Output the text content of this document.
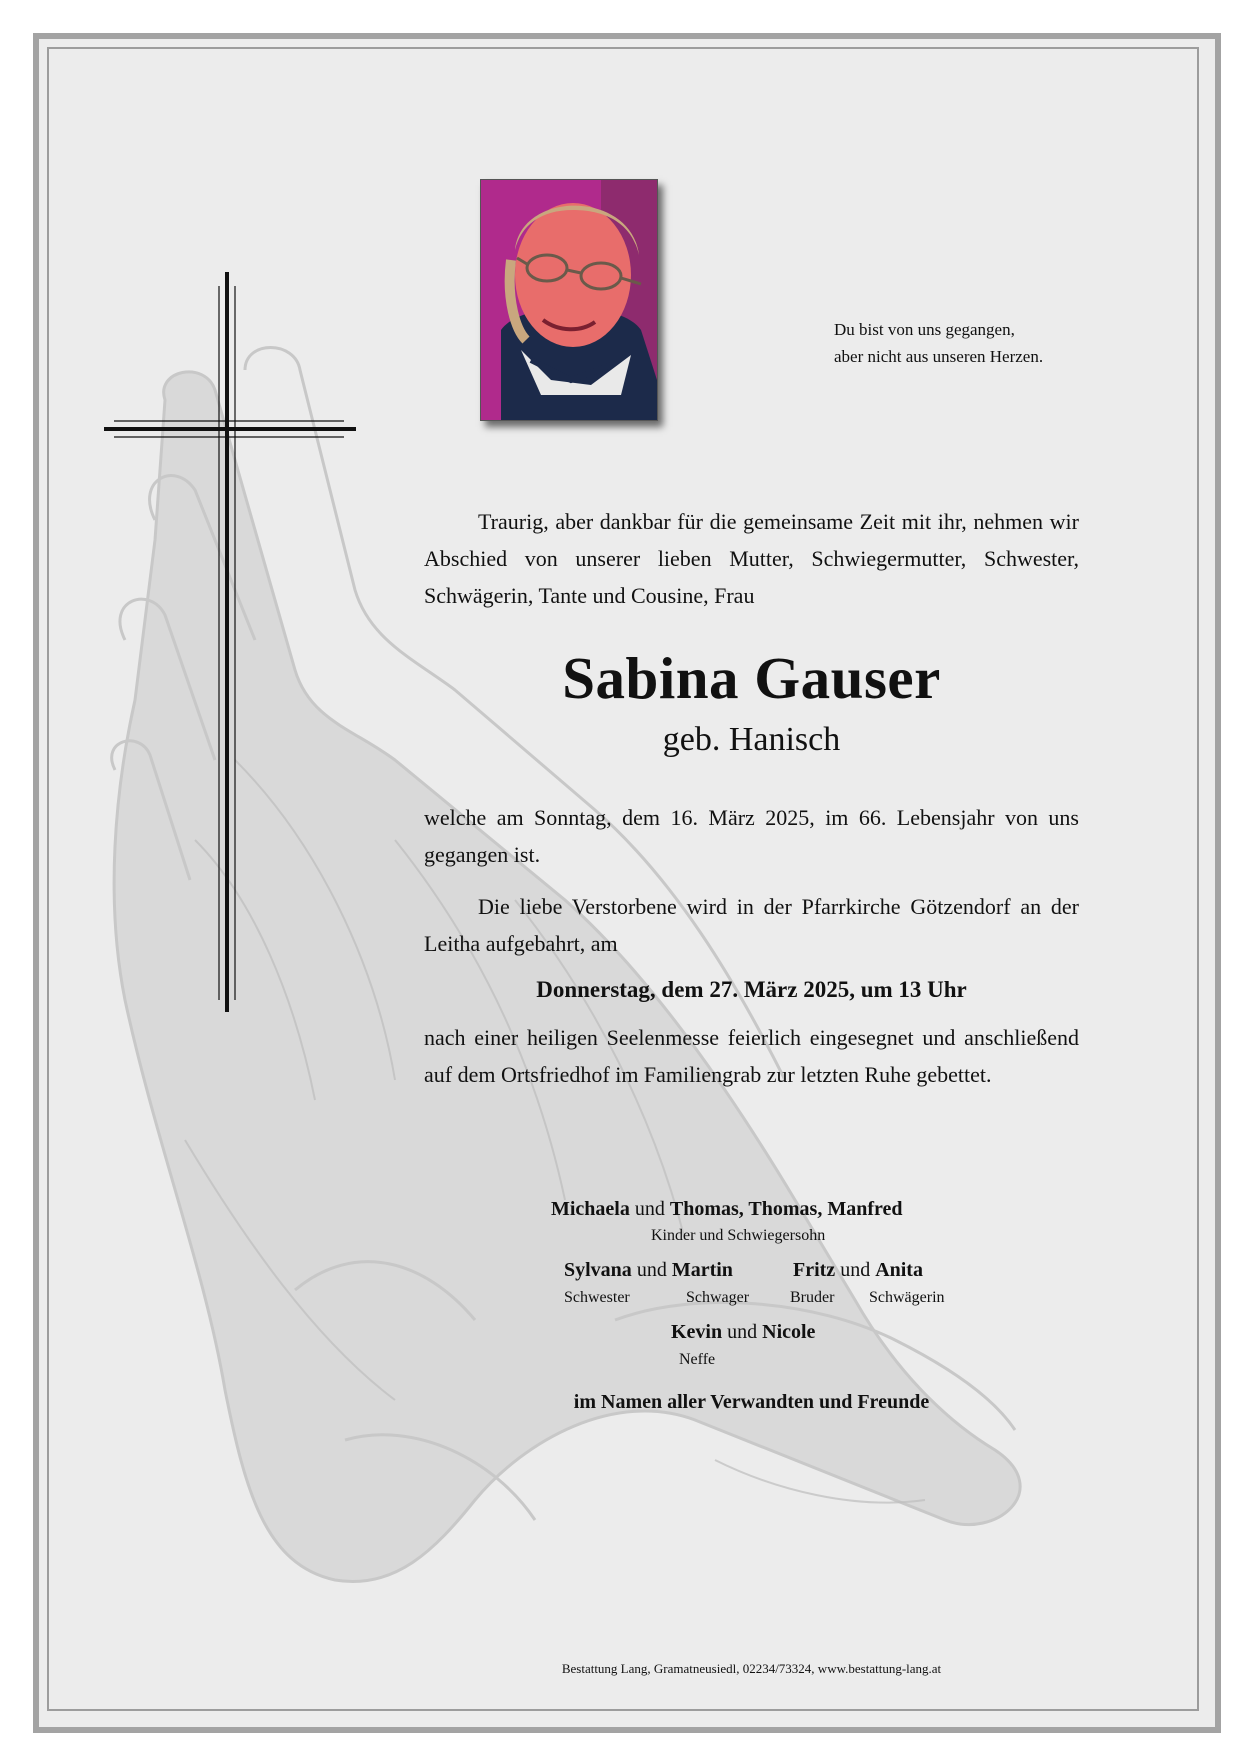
Du bist von uns gegangen,
aber nicht aus unseren Herzen.

Traurig, aber dankbar für die gemeinsame Zeit mit ihr, nehmen wir Abschied von unserer lieben Mutter, Schwiegermutter, Schwester, Schwägerin, Tante und Cousine, Frau

Sabina Gauser
geb. Hanisch

welche am Sonntag, dem 16. März 2025, im 66. Lebensjahr von uns gegangen ist.

Die liebe Verstorbene wird in der Pfarrkirche Götzendorf an der Leitha aufgebahrt, am

Donnerstag, dem 27. März 2025, um 13 Uhr

nach einer heiligen Seelenmesse feierlich eingesegnet und anschließend auf dem Ortsfriedhof im Familiengrab zur letzten Ruhe gebettet.

Michaela und Thomas, Thomas, Manfred
Kinder und Schwiegersohn
Sylvana und Martin
Schwester	Schwager
Fritz und Anita
Bruder Schwägerin
Kevin und Nicole
Neffe
im Namen aller Verwandten und Freunde
Bestattung Lang, Gramatneusiedl, 02234/73324, www.bestattung-lang.at
